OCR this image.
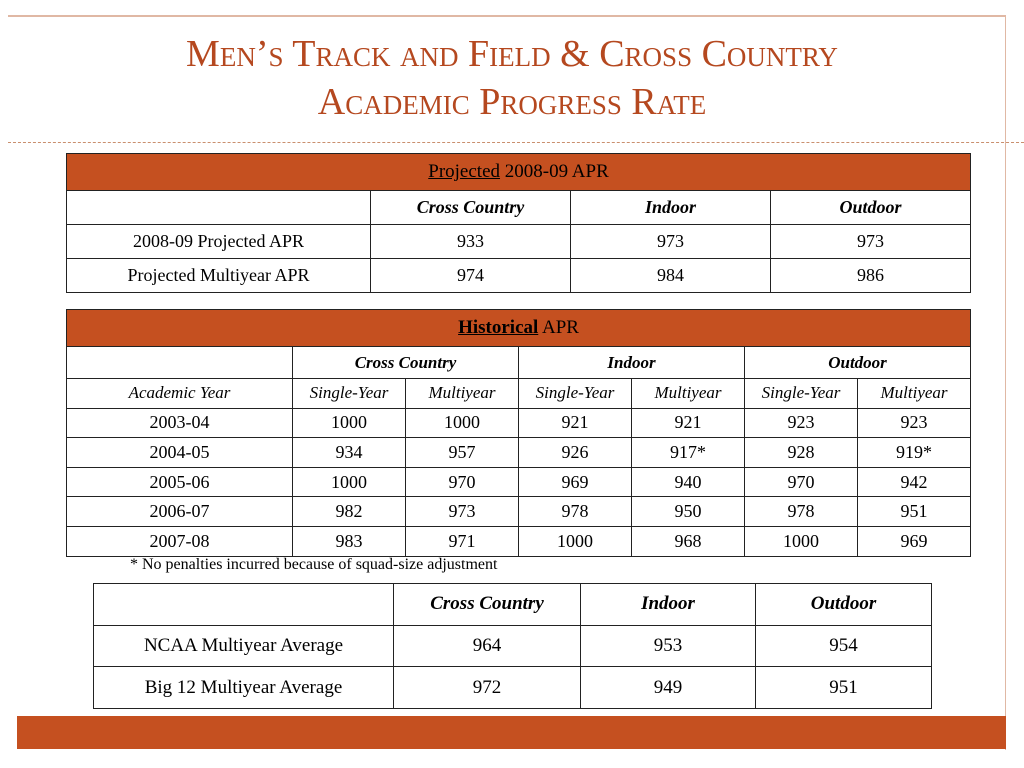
Men’s Track and Field & Cross Country
Academic Progress Rate
Projected 2008-09 APR			
	Cross Country	Indoor	Outdoor
2008-09 Projected APR	933	973	973
Projected Multiyear APR	974	984	986
Historical APR						
	Cross Country		Indoor		Outdoor	
Academic Year	Single-Year	Multiyear	Single-Year	Multiyear	Single-Year	Multiyear
2003-04	1000	1000	921	921	923	923
2004-05	934	957	926	917*	928	919*
2005-06	1000	970	969	940	970	942
2006-07	982	973	978	950	978	951
2007-08	983	971	1000	968	1000	969
* No penalties incurred because of squad-size adjustment
	Cross Country	Indoor	Outdoor
NCAA Multiyear Average	964	953	954
Big 12 Multiyear Average	972	949	951
